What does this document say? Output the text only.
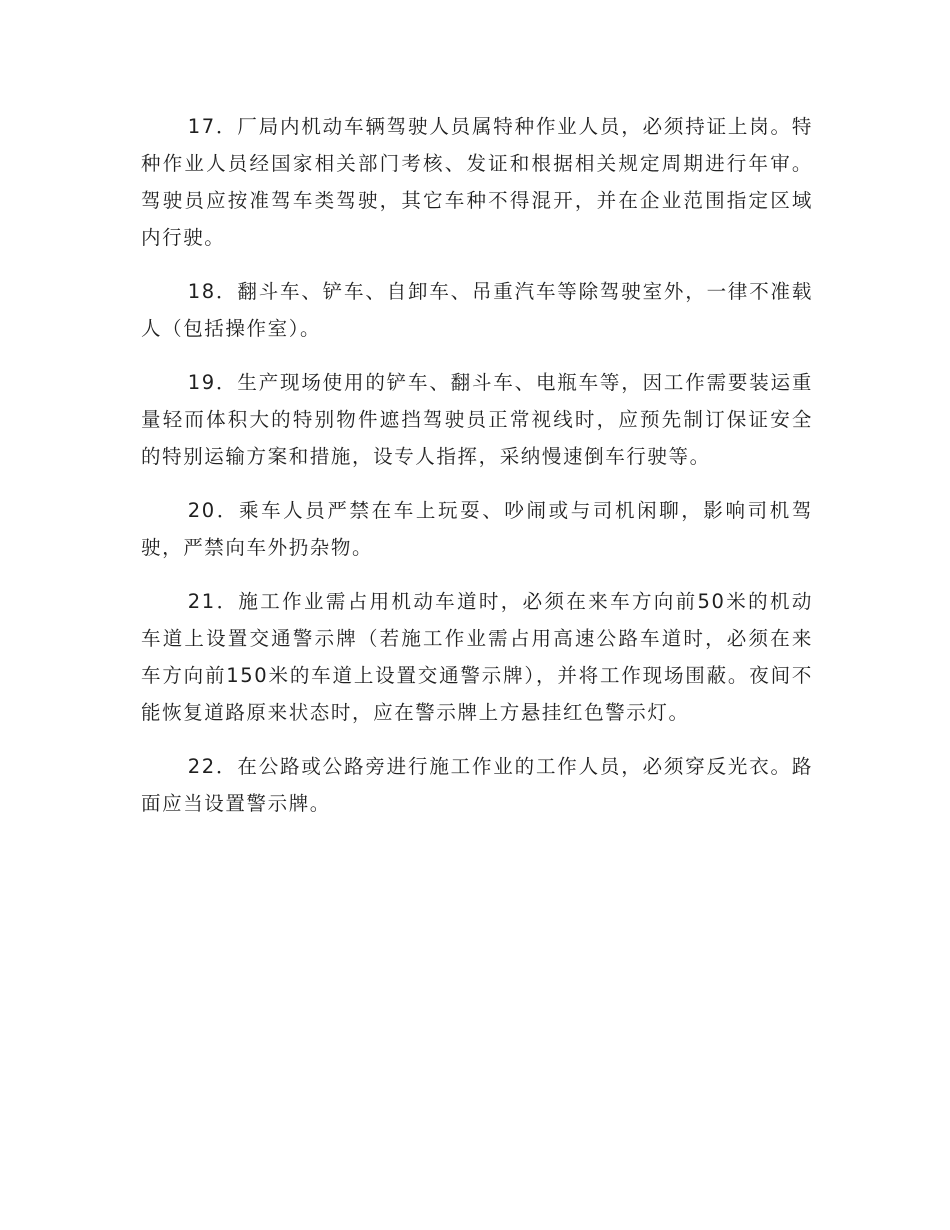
17．厂局内机动车辆驾驶人员属特种作业人员，必须持证上岗。特种作业人员经国家相关部门考核、发证和根据相关规定周期进行年审。驾驶员应按准驾车类驾驶，其它车种不得混开，并在企业范围指定区域内行驶。

18．翻斗车、铲车、自卸车、吊重汽车等除驾驶室外，一律不准载人（包括操作室）。

19．生产现场使用的铲车、翻斗车、电瓶车等，因工作需要装运重量轻而体积大的特别物件遮挡驾驶员正常视线时，应预先制订保证安全的特别运输方案和措施，设专人指挥，采纳慢速倒车行驶等。

20．乘车人员严禁在车上玩耍、吵闹或与司机闲聊，影响司机驾驶，严禁向车外扔杂物。

21．施工作业需占用机动车道时，必须在来车方向前50米的机动车道上设置交通警示牌（若施工作业需占用高速公路车道时，必须在来车方向前150米的车道上设置交通警示牌），并将工作现场围蔽。夜间不能恢复道路原来状态时，应在警示牌上方悬挂红色警示灯。

22．在公路或公路旁进行施工作业的工作人员，必须穿反光衣。路面应当设置警示牌。
